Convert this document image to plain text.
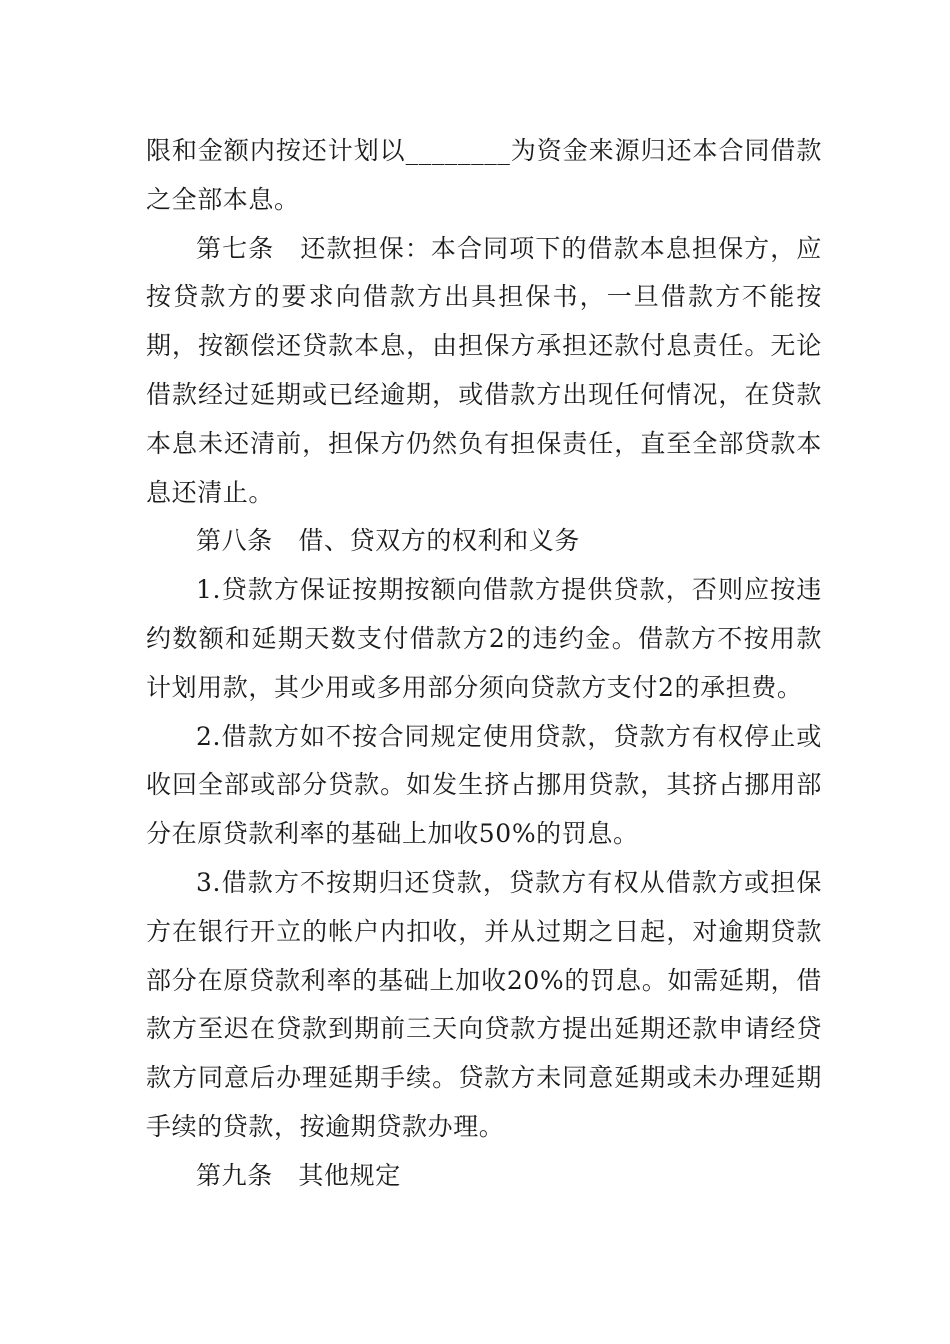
限和金额内按还计划以________为资金来源归还本合同借款之全部本息。

第七条　还款担保：本合同项下的借款本息担保方，应按贷款方的要求向借款方出具担保书，一旦借款方不能按期，按额偿还贷款本息，由担保方承担还款付息责任。无论借款经过延期或已经逾期，或借款方出现任何情况，在贷款本息未还清前，担保方仍然负有担保责任，直至全部贷款本息还清止。

第八条　借、贷双方的权利和义务

1.贷款方保证按期按额向借款方提供贷款，否则应按违约数额和延期天数支付借款方2的违约金。借款方不按用款计划用款，其少用或多用部分须向贷款方支付2的承担费。

2.借款方如不按合同规定使用贷款，贷款方有权停止或收回全部或部分贷款。如发生挤占挪用贷款，其挤占挪用部分在原贷款利率的基础上加收50%的罚息。

3.借款方不按期归还贷款，贷款方有权从借款方或担保方在银行开立的帐户内扣收，并从过期之日起，对逾期贷款部分在原贷款利率的基础上加收20%的罚息。如需延期，借款方至迟在贷款到期前三天向贷款方提出延期还款申请经贷款方同意后办理延期手续。贷款方未同意延期或未办理延期手续的贷款，按逾期贷款办理。

第九条　其他规定
